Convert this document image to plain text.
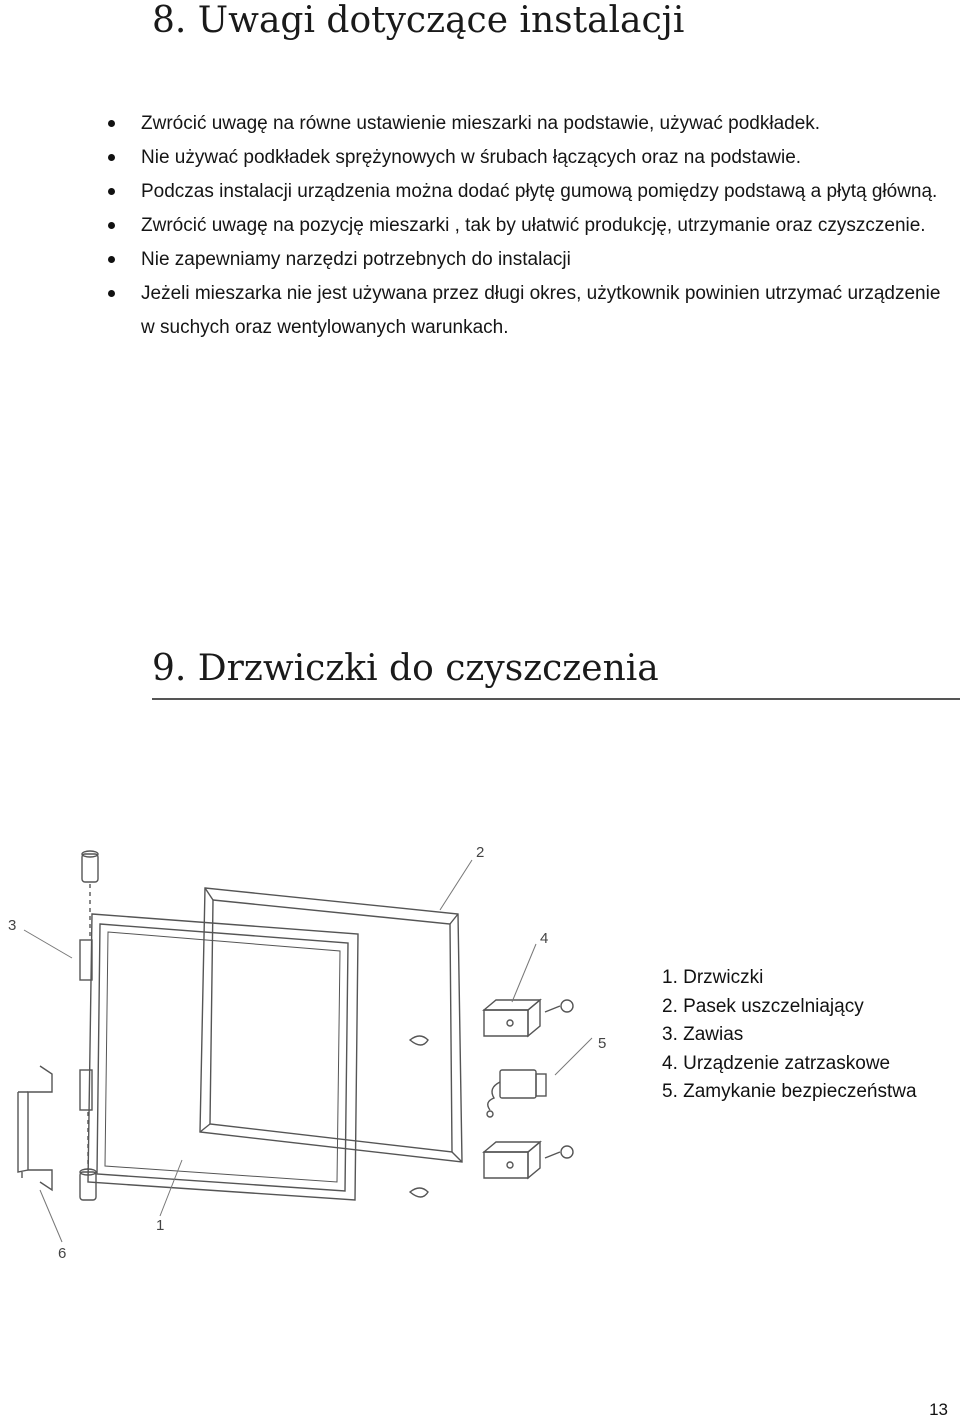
8. Uwagi dotyczące instalacji
Zwrócić uwagę na równe ustawienie mieszarki na podstawie, używać podkładek.
Nie używać podkładek sprężynowych w śrubach łączących oraz na podstawie.
Podczas instalacji urządzenia można dodać płytę gumową pomiędzy podstawą a płytą główną.
Zwrócić uwagę na pozycję mieszarki , tak by ułatwić produkcję, utrzymanie oraz czyszczenie.
Nie zapewniamy narzędzi potrzebnych do instalacji
Jeżeli mieszarka nie jest używana przez długi okres, użytkownik powinien utrzymać urządzenie w suchych oraz wentylowanych warunkach.
9. Drzwiczki do czyszczenia
2
3
4
5
1
6
1. Drzwiczki
2. Pasek uszczelniający
3. Zawias
4. Urządzenie zatrzaskowe
5. Zamykanie bezpieczeństwa
13
